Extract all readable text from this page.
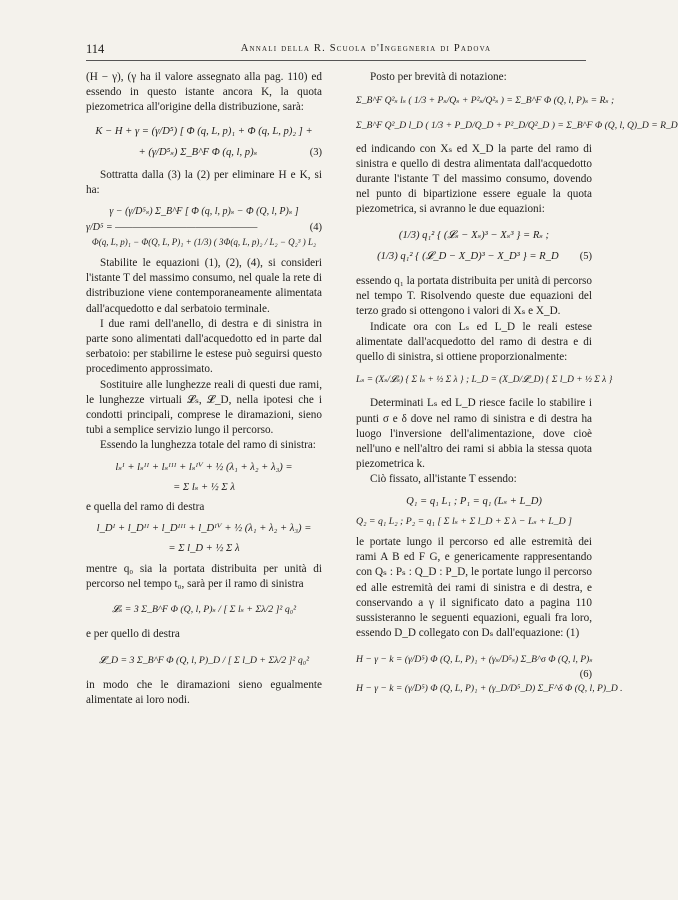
114	Annali della R. Scuola d'Ingegneria di Padova

(H − γ), (γ ha il valore assegnato alla pag. 110) ed essendo in questo istante ancora K, la quota piezometrica all'origine della distribuzione, sarà:

K − H + γ = (γ/D⁵) [ Φ (q, L, p)₁ + Φ (q, L, p)₂ ] +

+ (γ/D⁵ₛ) Σ_B^F Φ (q, l, p)ₛ	(3)

Sottratta dalla (3) la (2) per eliminare H e K, si ha:

γ − (γ/D⁵ₛ) Σ_B^F [ Φ (q, l, p)ₛ − Φ (Q, l, P)ₛ ]

γ/D⁵ = ————————————————	(4)

Φ(q, L, p)₁ − Φ(Q, L, P)₁ + (1/3) ( 3Φ(q, L, p)₂ / L₂ − Q₂³ ) L₂

Stabilite le equazioni (1), (2), (4), si consideri l'istante T del massimo consumo, nel quale la rete di distribuzione viene contemporaneamente alimentata dall'acquedotto e dal serbatoio terminale.

I due rami dell'anello, di destra e di sinistra in parte sono alimentati dall'acquedotto ed in parte dal serbatoio: per stabilirne le estese può seguirsi questo procedimento approssimato.

Sostituire alle lunghezze reali di questi due rami, le lunghezze virtuali 𝓛ₛ, 𝓛_D, nella ipotesi che i condotti principali, comprese le diramazioni, sieno tubi a semplice servizio lungo il percorso.

Essendo la lunghezza totale del ramo di sinistra:

lₛᴵ + lₛᴵᴵ + lₛᴵᴵᴵ + lₛᴵⱽ + ½ (λ₁ + λ₂ + λ₃) =

= Σ lₛ + ½ Σ λ

e quella del ramo di destra

l_Dᴵ + l_Dᴵᴵ + l_Dᴵᴵᴵ + l_Dᴵⱽ + ½ (λ₁ + λ₂ + λ₃) =

= Σ l_D + ½ Σ λ

mentre q₀ sia la portata distribuita per unità di percorso nel tempo t₀, sarà per il ramo di sinistra

𝓛ₛ = 3 Σ_B^F Φ (Q, l, P)ₛ / [ Σ lₛ + Σλ/2 ]² q₀²

e per quello di destra

𝓛_D = 3 Σ_B^F Φ (Q, l, P)_D / [ Σ l_D + Σλ/2 ]² q₀²

in modo che le diramazioni sieno egualmente alimentate ai loro nodi.

Posto per brevità di notazione:

Σ_B^F Q²ₛ lₛ ( 1/3 + Pₛ/Qₛ + P²ₛ/Q²ₛ ) = Σ_B^F Φ (Q, l, P)ₛ = Rₛ ;

Σ_B^F Q²_D l_D ( 1/3 + P_D/Q_D + P²_D/Q²_D ) = Σ_B^F Φ (Q, l, Q)_D = R_D

ed indicando con Xₛ ed X_D la parte del ramo di sinistra e quello di destra alimentata dall'acquedotto durante l'istante T del massimo consumo, dovendo nel punto di bipartizione essere eguale la quota piezometrica, si avranno le due equazioni:

(1/3) q₁² { (𝓛ₛ − Xₛ)³ − Xₛ³ } = Rₛ ;

(1/3) q₁² { (𝓛_D − X_D)³ − X_D³ } = R_D (5)

essendo q₁ la portata distribuita per unità di percorso nel tempo T. Risolvendo queste due equazioni del terzo grado si ottengono i valori di Xₛ e X_D.

Indicate ora con Lₛ ed L_D le reali estese alimentate dall'acquedotto del ramo di destra e di quello di sinistra, si ottiene proporzionalmente:

Lₛ = (Xₛ/𝓛ₛ) { Σ lₛ + ½ Σ λ } ; L_D = (X_D/𝓛_D) { Σ l_D + ½ Σ λ }

Determinati Lₛ ed L_D riesce facile lo stabilire i punti σ e δ dove nel ramo di sinistra e di destra ha luogo l'inversione dell'alimentazione, dove cioè nell'uno e nell'altro dei rami si abbia la stessa quota piezometrica k.

Ciò fissato, all'istante T essendo:

Q₁ = q₁ L₁ ; P₁ = q₁ (Lₛ + L_D)

Q₂ = q₁ L₂ ; P₂ = q₁ [ Σ lₛ + Σ l_D + Σ λ − Lₛ + L_D ]

le portate lungo il percorso ed alle estremità dei rami A B ed F G, e genericamente rappresentando con Qₛ : Pₛ : Q_D : P_D, le portate lungo il percorso ed alle estremità dei rami di sinistra e di destra, e conservando a γ il significato dato a pagina 110 sussisteranno le seguenti equazioni, eguali fra loro, essendo D_D collegato con Dₛ dall'equazione: (1)

H − γ − k = (γ/D⁵) Φ (Q, L, P)₁ + (γₛ/D⁵ₛ) Σ_B^σ Φ (Q, l, P)ₛ

(6)

H − γ − k = (γ/D⁵) Φ (Q, L, P)₁ + (γ_D/D⁵_D) Σ_F^δ Φ (Q, l, P)_D .
